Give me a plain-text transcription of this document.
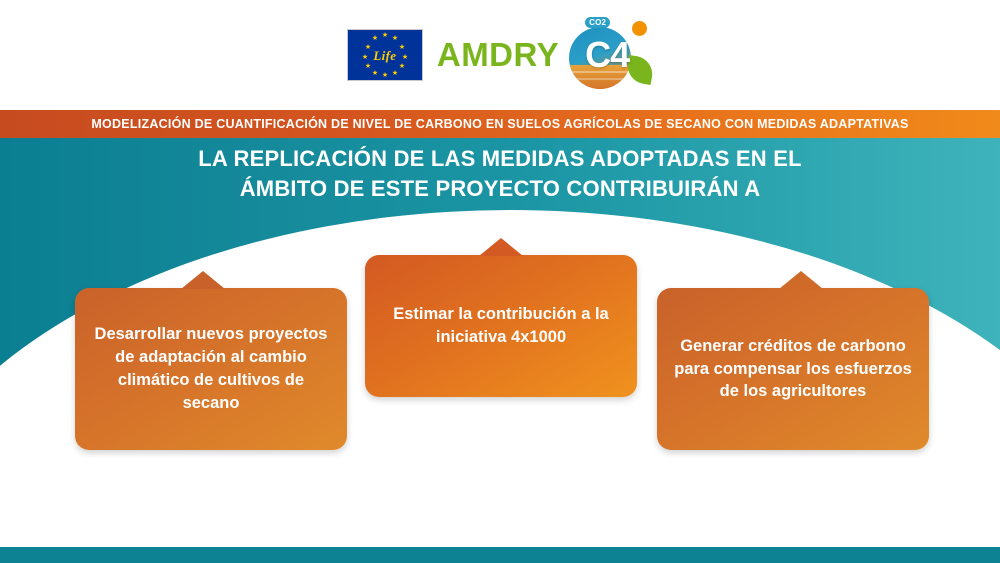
★ ★
★
★
★
★
★
★
★
★
★
★
Life AMDRY
CO2
C4
MODELIZACIÓN DE CUANTIFICACIÓN DE NIVEL DE CARBONO EN SUELOS AGRÍCOLAS DE SECANO CON MEDIDAS ADAPTATIVAS
LA REPLICACIÓN DE LAS MEDIDAS ADOPTADAS EN EL
ÁMBITO DE ESTE PROYECTO CONTRIBUIRÁN A
Desarrollar nuevos proyectos de adaptación al cambio climático de cultivos de secano
Estimar la contribución a la iniciativa 4x1000	Generar créditos de carbono para compensar los esfuerzos de los agricultores
